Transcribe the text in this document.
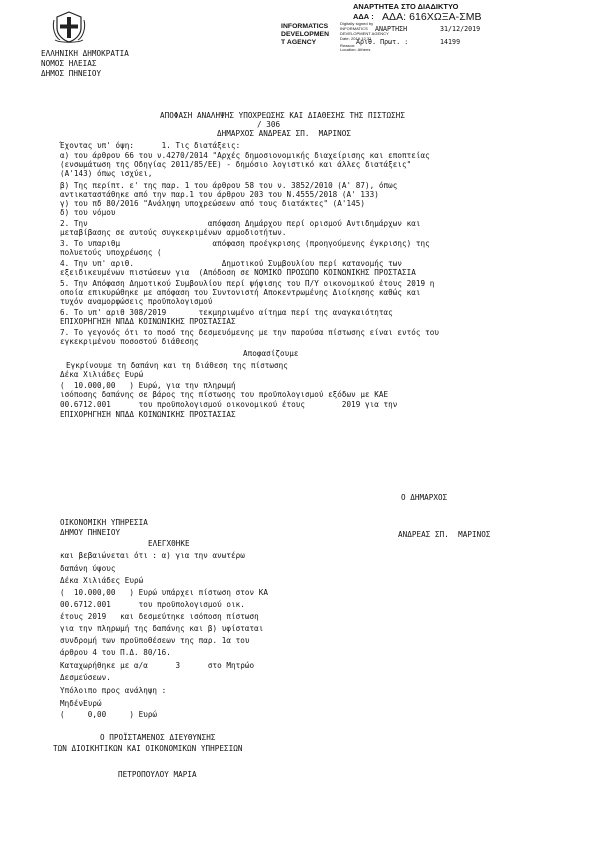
ΑΝΑΡΤΗΤΕΑ ΣΤΟ ΔΙΑΔΙΚΤΥΟ
ΑΔΑ : ΑΔΑ: 616ΧΩΞΑ-ΣΜΒ
INFORMATICS
DEVELOPMEN
T AGENCY
Digitally signed by
INFORMATICS
DEVELOPMENT AGENCY
Date: 2019.12.31
Reason:
Location: Athens
ΑΝΑΡΤΗΣΗ	31/12/2019
Αριθ. Πρωτ. :	14199
ΕΛΛΗΝΙΚΗ ΔΗΜΟΚΡΑΤΙΑ
ΝΟΜΟΣ ΗΛΕΙΑΣ
ΔΗΜΟΣ ΠΗΝΕΙΟΥ
ΑΠΟΦΑΣΗ ΑΝΑΛΗΨΗΣ ΥΠΟΧΡΕΩΣΗΣ ΚΑΙ ΔΙΑΘΕΣΗΣ ΤΗΣ ΠΙΣΤΩΣΗΣ
/ 306
ΔΗΜΑΡΧΟΣ ΑΝΔΡΕΑΣ ΣΠ.  ΜΑΡΙΝΟΣ
Έχοντας υπ' όψη:      1. Τις διατάξεις:
α) του άρθρου 66 του ν.4270/2014 "Αρχές δημοσιονομικής διαχείρισης και εποπτείας
(ενσωμάτωση της Οδηγίας 2011/85/ΕΕ) - δημόσιο λογιστικό και άλλες διατάξεις"
(Α'143) όπως ισχύει,
β) Της περίπτ. ε' της παρ. 1 του άρθρου 58 του ν. 3852/2010 (Α' 87), όπως
αντικαταστάθηκε από την παρ.1 του άρθρου 203 του Ν.4555/2018 (Α' 133)
γ) του πδ 80/2016 "Ανάληψη υποχρεώσεων από τους διατάκτες" (Α'145)
δ) του νόμου
2. Την                          απόφαση Δημάρχου περί ορισμού Αντιδημάρχων και
μεταβίβασης σε αυτούς συγκεκριμένων αρμοδιοτήτων.
3. Το υπαριθμ                    απόφαση προέγκρισης (προηγούμενης έγκρισης) της
πολυετούς υποχρέωσης (
4. Την υπ' αριθ.                   Δημοτικού Συμβουλίου περί κατανομής των
εξειδικευμένων πιστώσεων για  (Απόδοση σε ΝΟΜΙΚΟ ΠΡΟΣΩΠΟ ΚΟΙΝΩΝΙΚΗΣ ΠΡΟΣΤΑΣΙΑ
5. Την Απόφαση Δημοτικού Συμβουλίου περί ψήφισης του Π/Υ οικονομικού έτους 2019 η
οποία επικυρώθηκε με απόφαση του Συντονιστή Αποκεντρωμένης Διοίκησης καθώς και
τυχόν αναμορφώσεις προϋπολογισμού
6. Το υπ' αριθ 308/2019       τεκμηριωμένο αίτημα περί της αναγκαιότητας
ΕΠΙΧΟΡΗΓΗΣΗ ΝΠΔΔ ΚΟΙΝΩΝΙΚΗΣ ΠΡΟΣΤΑΣΙΑΣ
7. Το γεγονός ότι το ποσό της δεσμευόμενης με την παρούσα πίστωσης είναι εντός του
εγκεκριμένου ποσοστού διάθεσης
Αποφασίζουμε
Εγκρίνουμε τη δαπάνη και τη διάθεση της πίστωσης
Δέκα Χιλιάδες Ευρώ
(  10.000,00   ) Ευρώ, για την πληρωμή
ισόποσης δαπάνης σε βάρος της πίστωσης του προϋπολογισμού εξόδων με ΚΑΕ
00.6712.001      του προϋπολογισμού οικονομικού έτους        2019 για την
ΕΠΙΧΟΡΗΓΗΣΗ ΝΠΔΔ ΚΟΙΝΩΝΙΚΗΣ ΠΡΟΣΤΑΣΙΑΣ
Ο ΔΗΜΑΡΧΟΣ
ΑΝΔΡΕΑΣ ΣΠ.  ΜΑΡΙΝΟΣ
ΟΙΚΟΝΟΜΙΚΗ ΥΠΗΡΕΣΙΑ
ΔΗΜΟΥ ΠΗΝΕΙΟΥ
ΕΛΕΓΧΘΗΚΕ
και βεβαιώνεται ότι : α) για την ανωτέρω
δαπάνη ύψους
Δέκα Χιλιάδες Ευρώ
(  10.000,00   ) Ευρώ υπάρχει πίστωση στον ΚΑ
00.6712.001      του προϋπολογισμού οικ.
έτους 2019   και δεσμεύτηκε ισόποση πίστωση
για την πληρωμή της δαπάνης και β) υφίσταται
συνδρομή των προϋποθέσεων της παρ. 1α του
άρθρου 4 του Π.Δ. 80/16.
Καταχωρήθηκε με α/α      3      στο Μητρώο
Δεσμεύσεων.
Υπόλοιπο προς ανάληψη :
ΜηδένΕυρώ
(     0,00     ) Ευρώ
Ο ΠΡΟΪΣΤΑΜΕΝΟΣ ΔΙΕΥΘΥΝΣΗΣ
ΤΩΝ ΔΙΟΙΚΗΤΙΚΩΝ ΚΑΙ ΟΙΚΟΝΟΜΙΚΩΝ ΥΠΗΡΕΣΙΩΝ
ΠΕΤΡΟΠΟΥΛΟΥ ΜΑΡΙΑ
